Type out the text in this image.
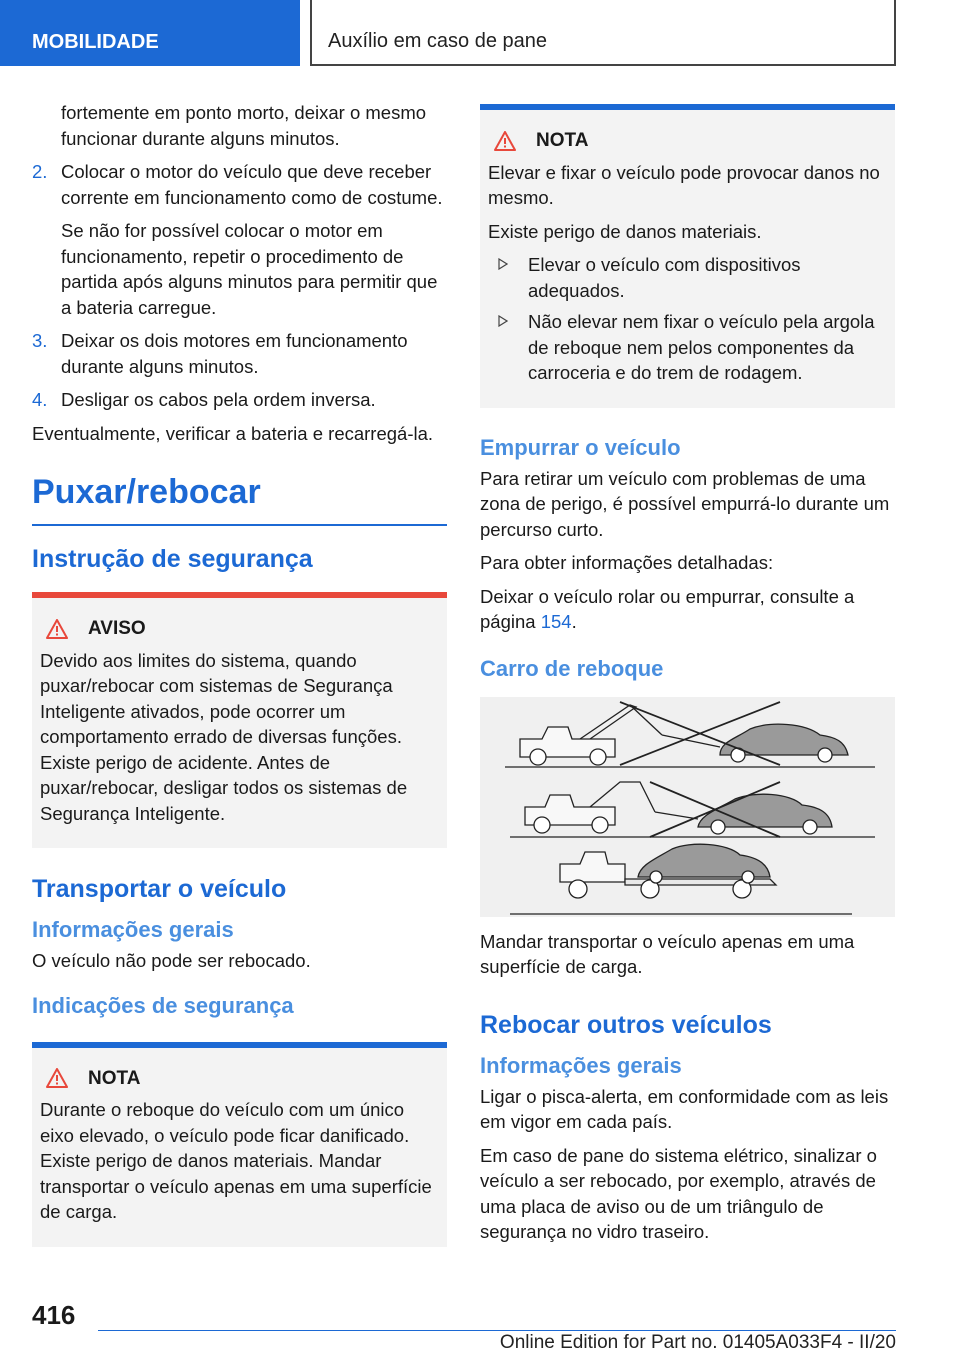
MOBILIDADE	Auxílio em caso de pane

fortemente em ponto morto, deixar o mesmo funcionar durante alguns minutos.

2. Colocar o motor do veículo que deve receber corrente em funcionamento como de costume.

Se não for possível colocar o motor em funcionamento, repetir o procedimento de partida após alguns minutos para permitir que a bateria carregue.

3. Deixar os dois motores em funcionamento durante alguns minutos.
4. Desligar os cabos pela ordem inversa.

Eventualmente, verificar a bateria e recarregá-la.

Puxar/rebocar
Instrução de segurança
AVISO

Devido aos limites do sistema, quando puxar/rebocar com sistemas de Segurança Inteligente ativados, pode ocorrer um comportamento errado de diversas funções. Existe perigo de acidente. Antes de puxar/rebocar, desligar todos os sistemas de Segurança Inteligente.

Transportar o veículo
Informações gerais

O veículo não pode ser rebocado.

Indicações de segurança
NOTA

Durante o reboque do veículo com um único eixo elevado, o veículo pode ficar danificado. Existe perigo de danos materiais. Mandar transportar o veículo apenas em uma superfície de carga.

NOTA

Elevar e fixar o veículo pode provocar danos no mesmo.

Existe perigo de danos materiais.

Elevar o veículo com dispositivos adequados.
Não elevar nem fixar o veículo pela argola de reboque nem pelos componentes da carroceria e do trem de rodagem.
Empurrar o veículo

Para retirar um veículo com problemas de uma zona de perigo, é possível empurrá-lo durante um percurso curto.

Para obter informações detalhadas:

Deixar o veículo rolar ou empurrar, consulte a página 154.

Carro de reboque

Mandar transportar o veículo apenas em uma superfície de carga.

Rebocar outros veículos
Informações gerais

Ligar o pisca-alerta, em conformidade com as leis em vigor em cada país.

Em caso de pane do sistema elétrico, sinalizar o veículo a ser rebocado, por exemplo, através de uma placa de aviso ou de um triângulo de segurança no vidro traseiro.

416
Online Edition for Part no. 01405A033F4 - II/20
